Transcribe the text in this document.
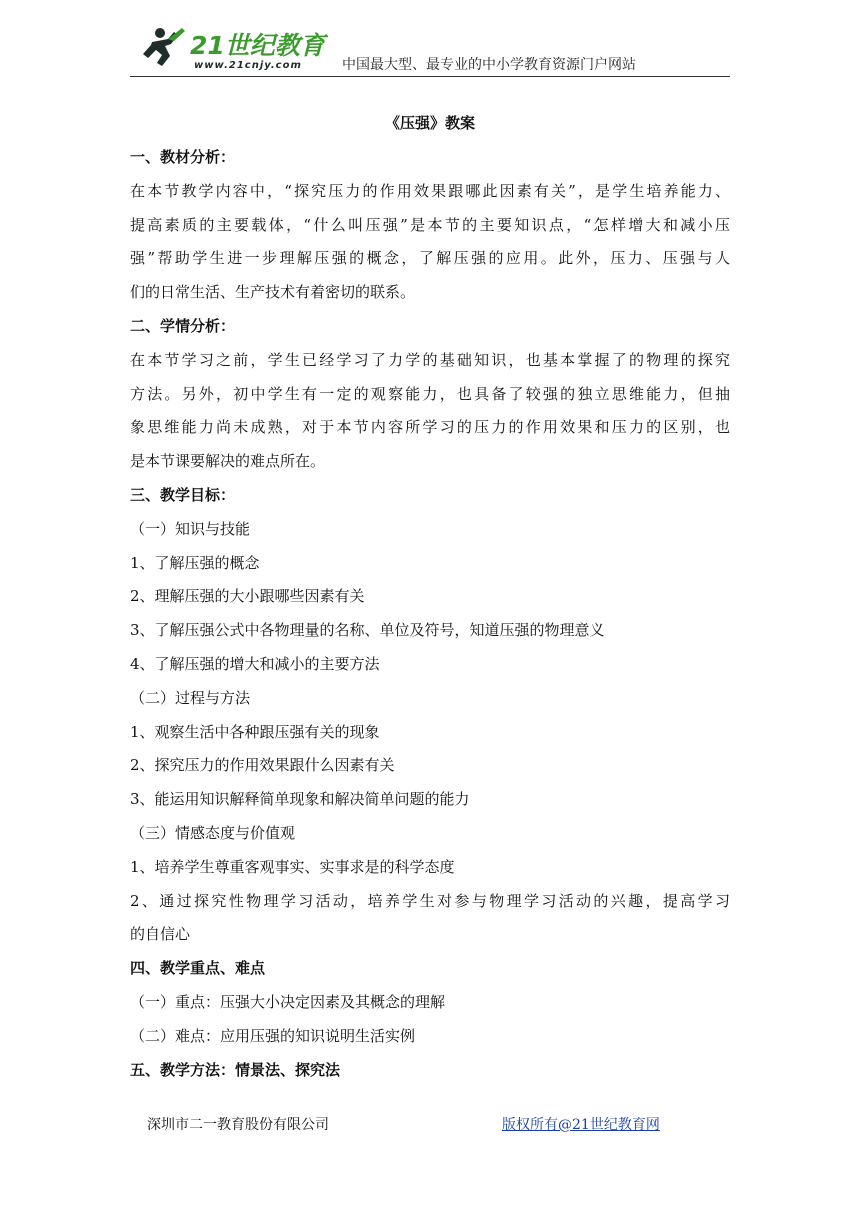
21世纪教育
www.21cnjy.com	中国最大型、最专业的中小学教育资源门户网站
《压强》教案
一、教材分析：
在本节教学内容中，“探究压力的作用效果跟哪此因素有关”，是学生培养能力、
提高素质的主要载体，“什么叫压强”是本节的主要知识点，“怎样增大和减小压
强”帮助学生进一步理解压强的概念，了解压强的应用。此外，压力、压强与人
们的日常生活、生产技术有着密切的联系。
二、学情分析：
在本节学习之前，学生已经学习了力学的基础知识，也基本掌握了的物理的探究
方法。另外，初中学生有一定的观察能力，也具备了较强的独立思维能力，但抽
象思维能力尚未成熟，对于本节内容所学习的压力的作用效果和压力的区别，也
是本节课要解决的难点所在。
三、教学目标：
（一）知识与技能
1、了解压强的概念
2、理解压强的大小跟哪些因素有关
3、了解压强公式中各物理量的名称、单位及符号，知道压强的物理意义
4、了解压强的增大和减小的主要方法
（二）过程与方法
1、观察生活中各种跟压强有关的现象
2、探究压力的作用效果跟什么因素有关
3、能运用知识解释简单现象和解决简单问题的能力
（三）情感态度与价值观
1、培养学生尊重客观事实、实事求是的科学态度
2、通过探究性物理学习活动，培养学生对参与物理学习活动的兴趣，提高学习
的自信心
四、教学重点、难点
（一）重点：压强大小决定因素及其概念的理解
（二）难点：应用压强的知识说明生活实例
五、教学方法：情景法、探究法
深圳市二一教育股份有限公司	版权所有@21世纪教育网
